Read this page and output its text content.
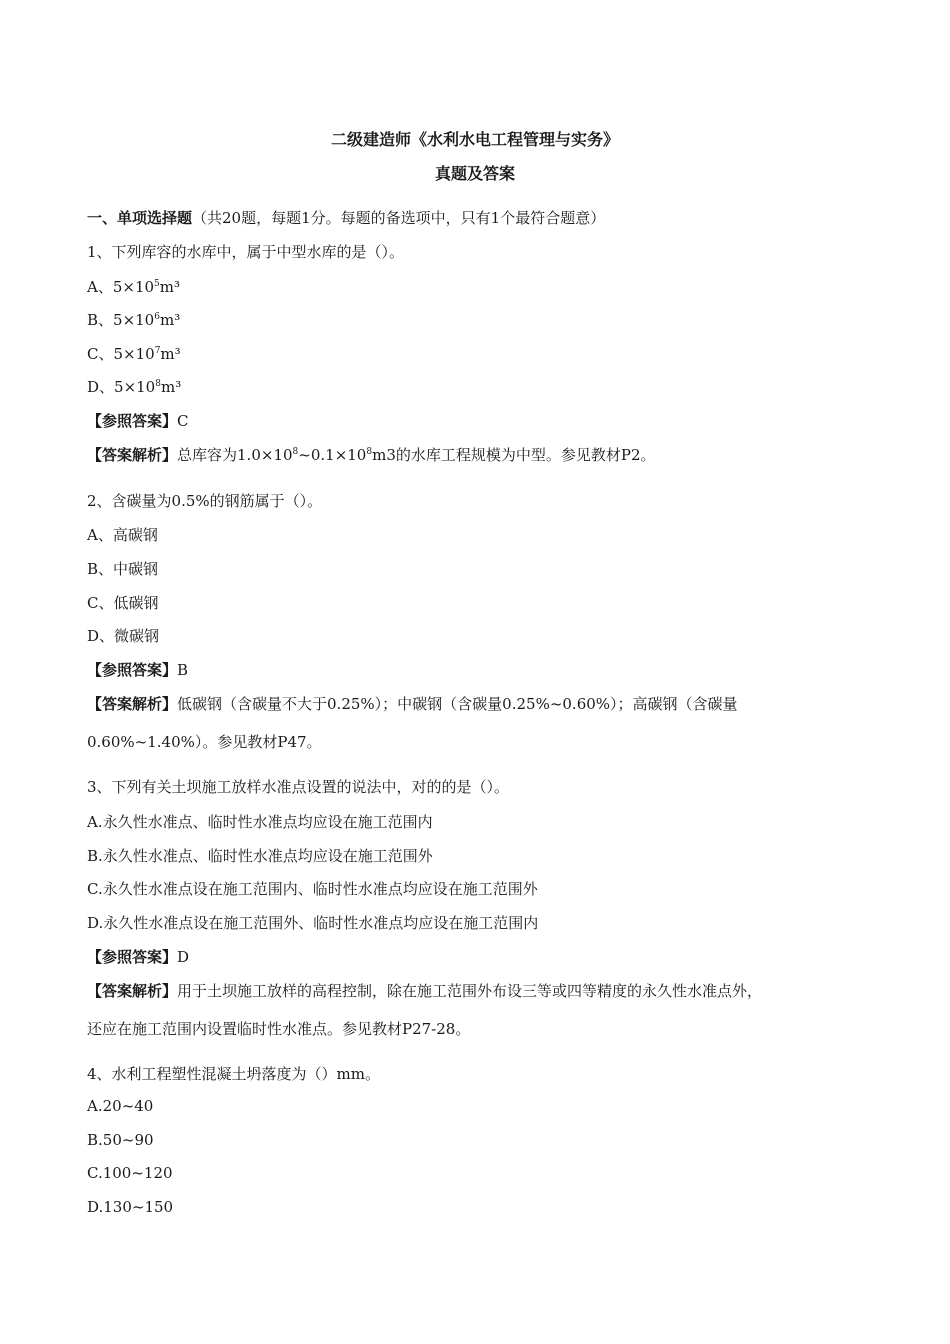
二级建造师《水利水电工程管理与实务》
真题及答案
一、单项选择题（共20题，每题1分。每题的备选项中，只有1个最符合题意）
1、下列库容的水库中，属于中型水库的是（）。
A、$5\times 10^5m^3$
B、$5\times 10^6m^3$
C、$5\times 10^7m^3$
D、$5\times 10^8m^3$
【参照答案】C
【答案解析】总库容为$1.0\times 10^8\sim 0.1\times 10^8m3$的水库工程规模为中型。参见教材P2。
2、含碳量为0.5%的钢筋属于（）。
A、高碳钢
B、中碳钢
C、低碳钢
D、微碳钢
【参照答案】B
【答案解析】低碳钢（含碳量不大于0.25%）；中碳钢（含碳量0.25%~0.60%）；高碳钢（含碳量
0.60%~1.40%）。参见教材P47。
3、下列有关土坝施工放样水准点设置的说法中，对的的是（）。
A.永久性水准点、临时性水准点均应设在施工范围内
B.永久性水准点、临时性水准点均应设在施工范围外
C.永久性水准点设在施工范围内、临时性水准点均应设在施工范围外
D.永久性水准点设在施工范围外、临时性水准点均应设在施工范围内
【参照答案】D
【答案解析】用于土坝施工放样的高程控制，除在施工范围外布设三等或四等精度的永久性水准点外，
还应在施工范围内设置临时性水准点。参见教材P27-28。
4、水利工程塑性混凝土坍落度为（）mm。
A.20~40
B.50~90
C.100~120
D.130~150
